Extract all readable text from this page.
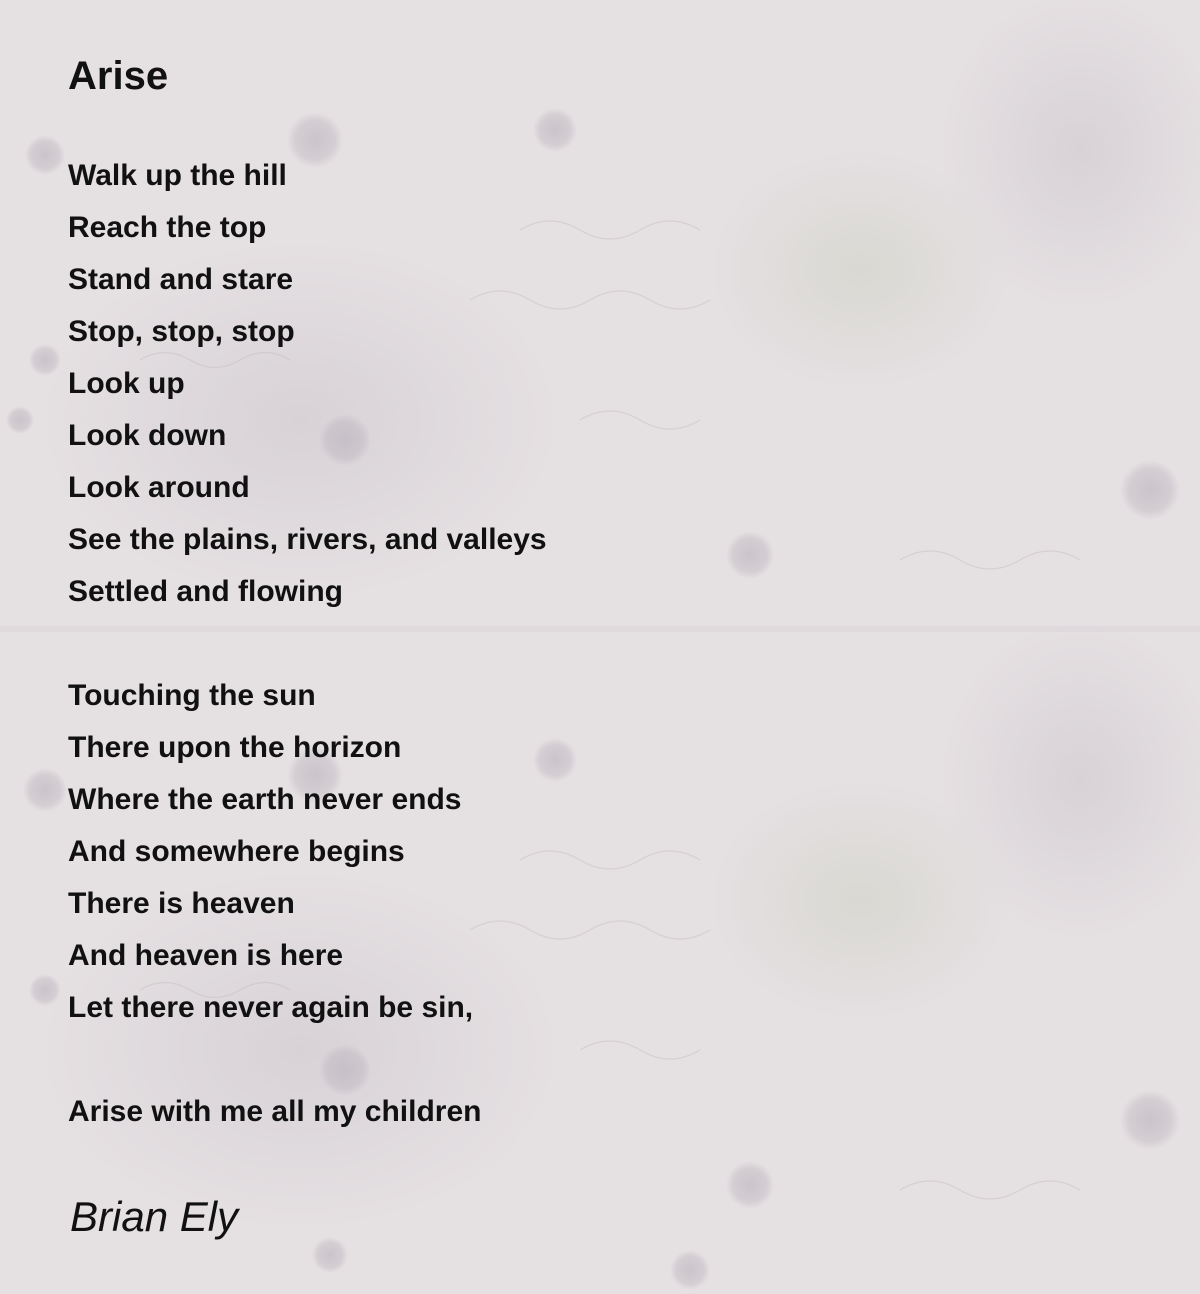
Arise
Walk up the hill
Reach the top
Stand and stare
Stop, stop, stop
Look up
Look down
Look around
See the plains, rivers, and valleys
Settled and flowing
Touching the sun
There upon the horizon
Where the earth never ends
And somewhere begins
There is heaven
And heaven is here
Let there never again be sin,
Arise with me all my children
Brian Ely
